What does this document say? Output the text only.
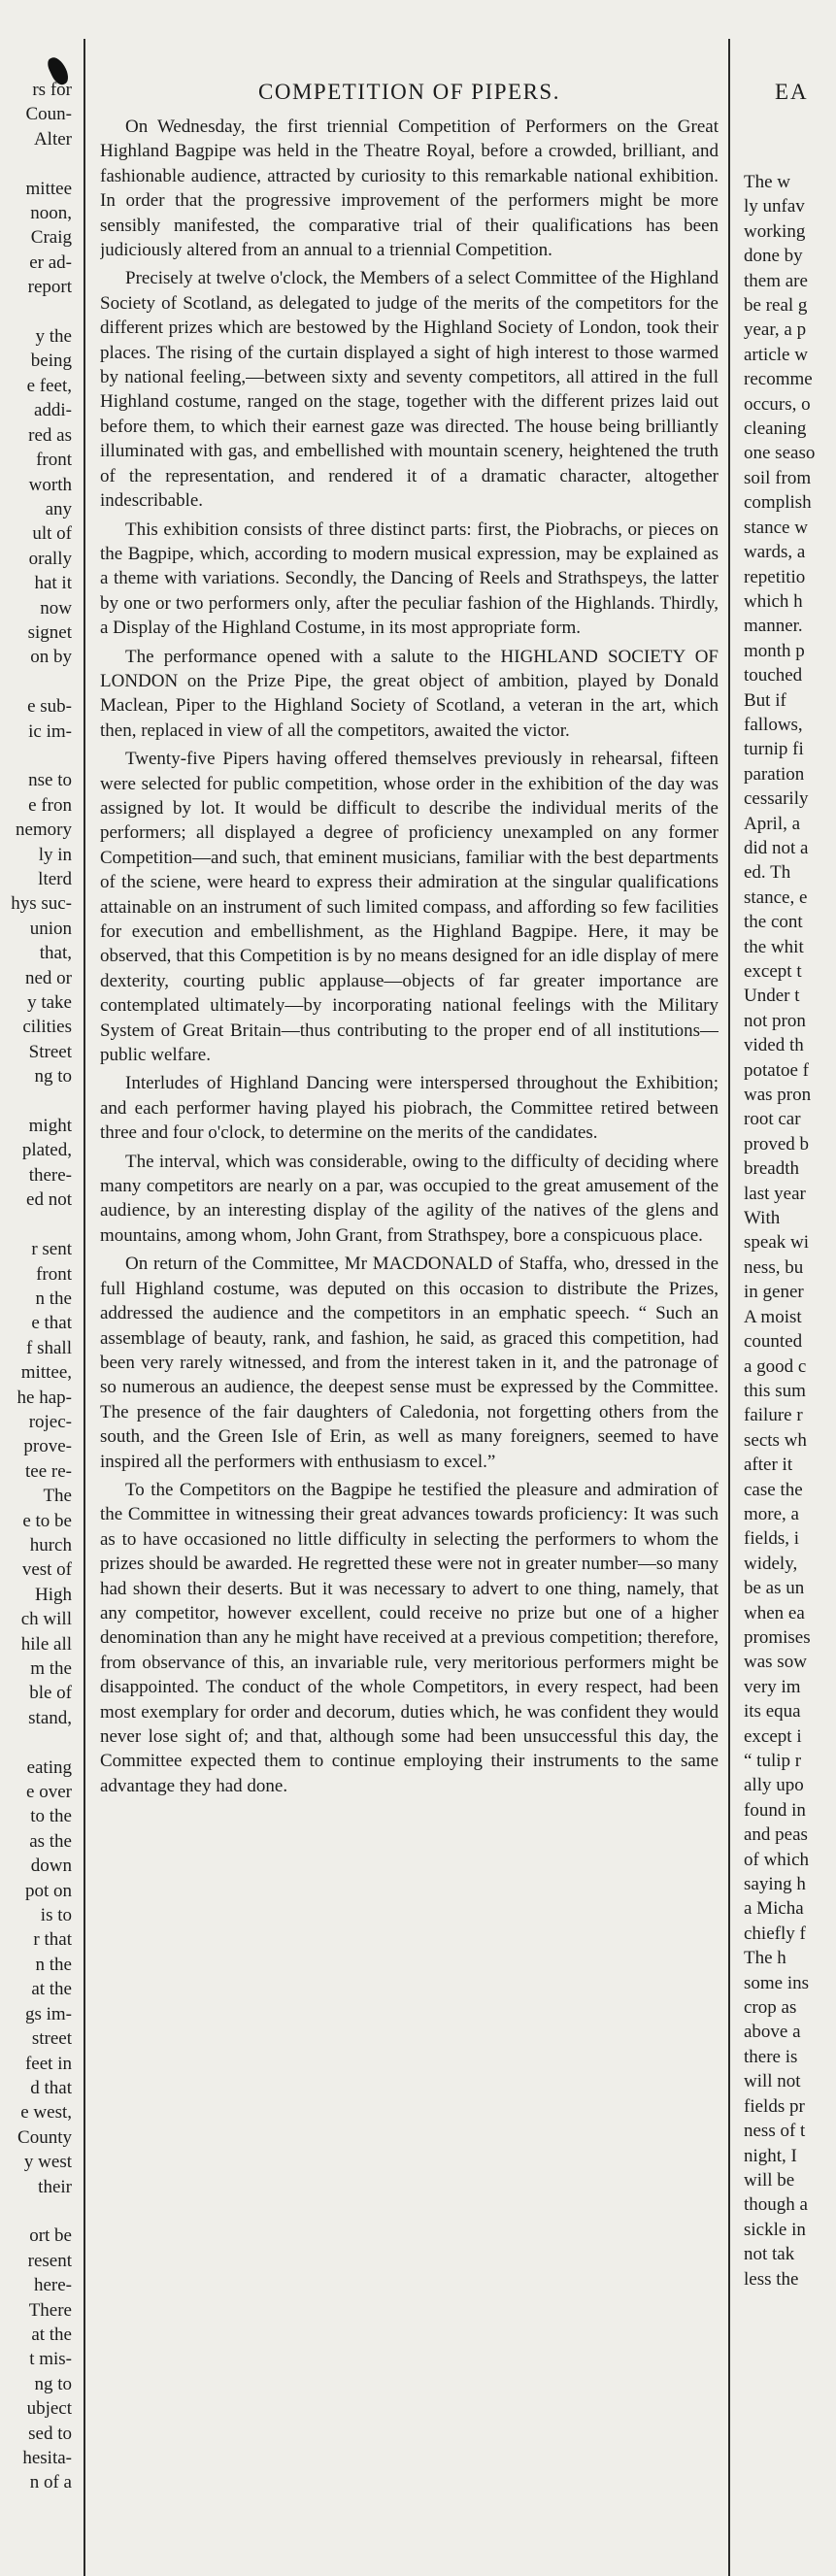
COMPETITION OF PIPERS.	EA
rs for
Coun-
Alter

mittee
noon,
Craig
er ad-
report

y the
being
e feet,
addi-
red as
front
worth
any
ult of
orally
hat it
now
signet
on by

e sub-
ic im-

nse to
e fron
nemory
ly in
lterd
hys suc-
union
that,
ned or
y take
cilities
Street
ng to

might
plated,
there-
ed not

r sent
front
n the
e that
f shall
mittee,
he hap-
rojec-
prove-
tee re-
The
e to be
hurch
vest of
High
ch will
hile all
m the
ble of
stand,

eating
e over
to the
as the
down
pot on
is to
r that
n the
at the
gs im-
street
feet in
d that
e west,
County
y west
their

ort be
resent
here-
There
at the
t mis-
ng to
ubject
sed to
hesita-
n of a

On Wednesday, the first triennial Competition of Performers on the Great Highland Bagpipe was held in the Theatre Royal, before a crowded, brilliant, and fashionable audience, attracted by curiosity to this remarkable national exhibition. In order that the progressive improvement of the performers might be more sensibly manifested, the comparative trial of their qualifications has been judiciously altered from an annual to a triennial Competition.

Precisely at twelve o'clock, the Members of a select Committee of the Highland Society of Scotland, as delegated to judge of the merits of the competitors for the different prizes which are bestowed by the Highland Society of London, took their places. The rising of the curtain displayed a sight of high interest to those warmed by national feeling,—between sixty and seventy competitors, all attired in the full Highland costume, ranged on the stage, together with the different prizes laid out before them, to which their earnest gaze was directed. The house being brilliantly illuminated with gas, and embellished with mountain scenery, heightened the truth of the representation, and rendered it of a dramatic character, altogether indescribable.

This exhibition consists of three distinct parts: first, the Piobrachs, or pieces on the Bagpipe, which, according to modern musical expression, may be explained as a theme with variations. Secondly, the Dancing of Reels and Strathspeys, the latter by one or two performers only, after the peculiar fashion of the Highlands. Thirdly, a Display of the Highland Costume, in its most appropriate form.

The performance opened with a salute to the HIGHLAND SOCIETY OF LONDON on the Prize Pipe, the great object of ambition, played by Donald Maclean, Piper to the Highland Society of Scotland, a veteran in the art, which then, replaced in view of all the competitors, awaited the victor.

Twenty-five Pipers having offered themselves previously in rehearsal, fifteen were selected for public competition, whose order in the exhibition of the day was assigned by lot. It would be difficult to describe the individual merits of the performers; all displayed a degree of proficiency unexampled on any former Competition—and such, that eminent musicians, familiar with the best departments of the sciene, were heard to express their admiration at the singular qualifications attainable on an instrument of such limited compass, and affording so few facilities for execution and embellishment, as the Highland Bagpipe. Here, it may be observed, that this Competition is by no means designed for an idle display of mere dexterity, courting public applause—objects of far greater importance are contemplated ultimately—by incorporating national feelings with the Military System of Great Britain—thus contributing to the proper end of all institutions—public welfare.

Interludes of Highland Dancing were interspersed throughout the Exhibition; and each performer having played his piobrach, the Committee retired between three and four o'clock, to determine on the merits of the candidates.

The interval, which was considerable, owing to the difficulty of deciding where many competitors are nearly on a par, was occupied to the great amusement of the audience, by an interesting display of the agility of the natives of the glens and mountains, among whom, John Grant, from Strathspey, bore a conspicuous place.

On return of the Committee, Mr MACDONALD of Staffa, who, dressed in the full Highland costume, was deputed on this occasion to distribute the Prizes, addressed the audience and the competitors in an emphatic speech. “ Such an assemblage of beauty, rank, and fashion, he said, as graced this competition, had been very rarely witnessed, and from the interest taken in it, and the patronage of so numerous an audience, the deepest sense must be expressed by the Committee. The presence of the fair daughters of Caledonia, not forgetting others from the south, and the Green Isle of Erin, as well as many foreigners, seemed to have inspired all the performers with enthusiasm to excel.”

To the Competitors on the Bagpipe he testified the pleasure and admiration of the Committee in witnessing their great advances towards proficiency: It was such as to have occasioned no little difficulty in selecting the performers to whom the prizes should be awarded. He regretted these were not in greater number—so many had shown their deserts. But it was necessary to advert to one thing, namely, that any competitor, however excellent, could receive no prize but one of a higher denomination than any he might have received at a previous competition; therefore, from observance of this, an invariable rule, very meritorious performers might be disappointed. The conduct of the whole Competitors, in every respect, had been most exemplary for order and decorum, duties which, he was confident they would never lose sight of; and that, although some had been unsuccessful this day, the Committee expected them to continue employing their instruments to the same advantage they had done.

The w
ly unfav
working
done by
them are
be real g
year, a p
article w
recomme
occurs, o
cleaning
one seaso
soil from
complish
stance w
wards, a
repetitio
which h
manner.
month p
touched
But if
fallows,
turnip fi
paration
cessarily
April, a
did not a
ed. Th
stance, e
the cont
the whit
except t
Under t
not pron
vided th
potatoe f
was pron
root car
proved b
breadth
last year
With
speak wi
ness, bu
in gener
A moist
counted
a good c
this sum
failure r
sects wh
after it
case the
more, a
fields, i
widely,
be as un
when ea
promises
was sow
very im
its equa
except i
“ tulip r
ally upo
found in
and peas
of which
saying h
a Micha
chiefly f
The h
some ins
crop as
above a
there is
will not
fields pr
ness of t
night, I
will be
though a
sickle in
not tak
less the
